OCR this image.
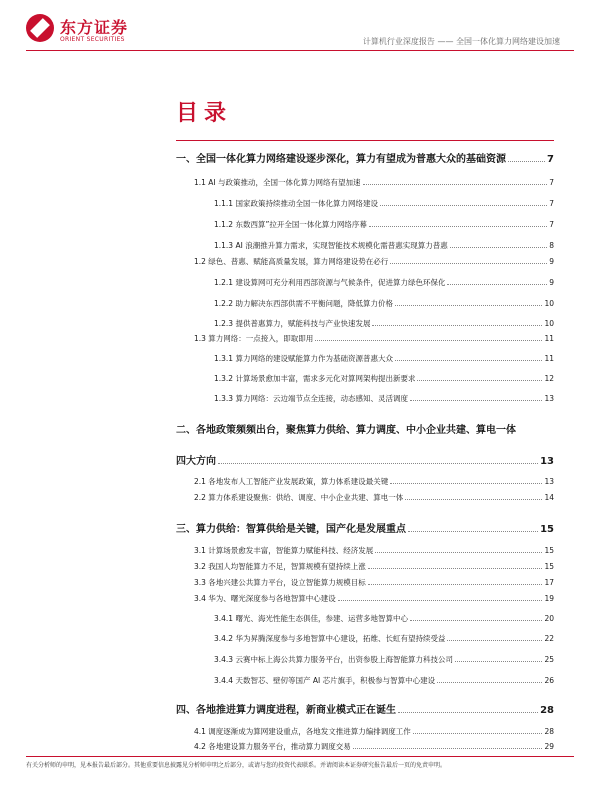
东方证券
ORIENT SECURITIES	计算机行业深度报告 —— 全国一体化算力网络建设加速
目录
一、全国一体化算力网络建设逐步深化，算力有望成为普惠大众的基础资源	7
1.1 AI 与政策推动，全国一体化算力网络有望加速	7
1.1.1 国家政策持续推动全国一体化算力网络建设	7
1.1.2 东数西算”拉开全国一体化算力网络序幕	7
1.1.3 AI 浪潮推升算力需求，实现智能技术规模化需普惠实现算力普惠	8
1.2 绿色、普惠、赋能高质量发展，算力网络建设势在必行	9
1.2.1 建设算网可充分利用西部资源与气候条件，促进算力绿色环保化	9
1.2.2 助力解决东西部供需不平衡问题，降低算力价格	10
1.2.3 提供普惠算力，赋能科技与产业快速发展	10
1.3 算力网络：一点接入，即取即用	11
1.3.1 算力网络的建设赋能算力作为基础资源普惠大众	11
1.3.2 计算场景愈加丰富，需求多元化对算网架构提出新要求	12
1.3.3 算力网络：云边端节点全连接，动态感知、灵活调度	13
二、各地政策频频出台，聚焦算力供给、算力调度、中小企业共建、算电一体
四大方向	13
2.1 各地发布人工智能产业发展政策，算力体系建设最关键	13
2.2 算力体系建设聚焦：供给、调度、中小企业共建、算电一体	14
三、算力供给：智算供给是关键，国产化是发展重点	15
3.1 计算场景愈发丰富，智能算力赋能科技、经济发展	15
3.2 我国人均智能算力不足，智算规模有望持续上涨	15
3.3 各地兴建公共算力平台，设立智能算力规模目标	17
3.4 华为、曙光深度参与各地智算中心建设	19
3.4.1 曙光、海光性能生态俱佳，参建、运营多地智算中心	20
3.4.2 华为昇腾深度参与多地智算中心建设，拓维、长虹有望持续受益	22
3.4.3 云赛中标上海公共算力服务平台，出资参股上海智能算力科技公司	25
3.4.4 天数智芯、壁仞等国产 AI 芯片旗手，积极参与智算中心建设	26
四、各地推进算力调度进程，新商业模式正在诞生	28
4.1 调度逐渐成为算网建设重点，各地发文推进算力编排调度工作	28
4.2 各地建设算力服务平台，推动算力调度交易	29
有关分析师的申明，见本报告最后部分。其他重要信息披露见分析师申明之后部分，或请与您的投资代表联系。并请阅读本证券研究报告最后一页的免责申明。
